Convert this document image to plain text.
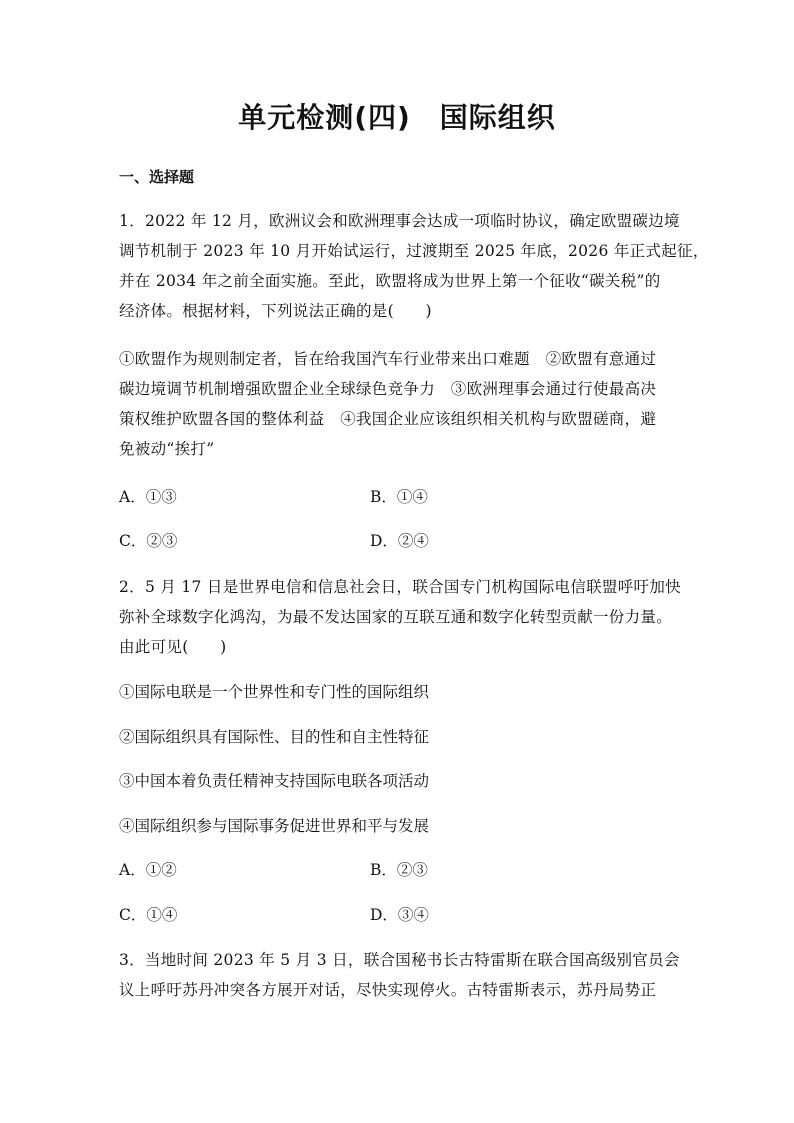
单元检测(四)　国际组织
一、选择题
1．2022 年 12 月，欧洲议会和欧洲理事会达成一项临时协议，确定欧盟碳边境
调节机制于 2023 年 10 月开始试运行，过渡期至 2025 年底，2026 年正式起征，
并在 2034 年之前全面实施。至此，欧盟将成为世界上第一个征收“碳关税”的
经济体。根据材料，下列说法正确的是(　　)
①欧盟作为规则制定者，旨在给我国汽车行业带来出口难题　②欧盟有意通过
碳边境调节机制增强欧盟企业全球绿色竞争力　③欧洲理事会通过行使最高决
策权维护欧盟各国的整体利益　④我国企业应该组织相关机构与欧盟磋商，避
免被动“挨打”
A．①③	B．①④
C．②③	D．②④
2．5 月 17 日是世界电信和信息社会日，联合国专门机构国际电信联盟呼吁加快
弥补全球数字化鸿沟，为最不发达国家的互联互通和数字化转型贡献一份力量。
由此可见(　　)
①国际电联是一个世界性和专门性的国际组织
②国际组织具有国际性、目的性和自主性特征
③中国本着负责任精神支持国际电联各项活动
④国际组织参与国际事务促进世界和平与发展
A．①②	B．②③
C．①④	D．③④
3．当地时间 2023 年 5 月 3 日，联合国秘书长古特雷斯在联合国高级别官员会
议上呼吁苏丹冲突各方展开对话，尽快实现停火。古特雷斯表示，苏丹局势正
